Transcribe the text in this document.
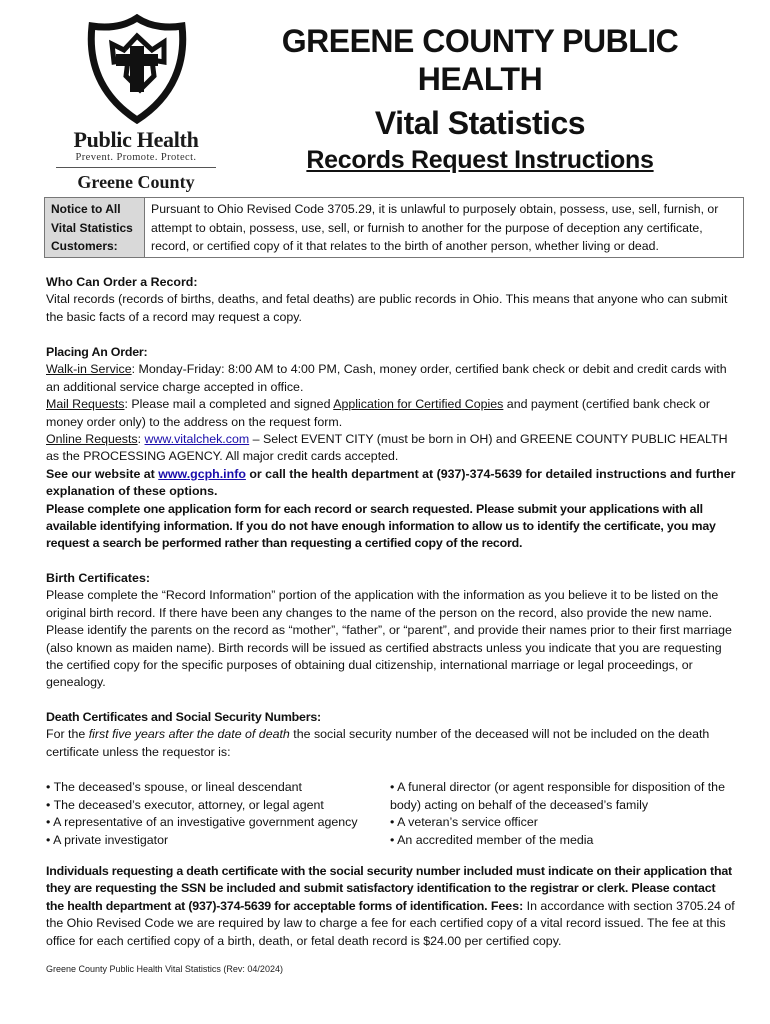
Public Health
Prevent. Promote. Protect.
Greene County
GREENE COUNTY PUBLIC HEALTH
Vital Statistics
Records Request Instructions
Notice to All Vital Statistics Customers:
Pursuant to Ohio Revised Code 3705.29, it is unlawful to purposely obtain, possess, use, sell, furnish, or attempt to obtain, possess, use, sell, or furnish to another for the purpose of deception any certificate, record, or certified copy of it that relates to the birth of another person, whether living or dead.
Who Can Order a Record:
Vital records (records of births, deaths, and fetal deaths) are public records in Ohio. This means that anyone who can submit the basic facts of a record may request a copy.
Placing An Order:
Walk-in Service: Monday-Friday: 8:00 AM to 4:00 PM, Cash, money order, certified bank check or debit and credit cards with an additional service charge accepted in office.
Mail Requests: Please mail a completed and signed Application for Certified Copies and payment (certified bank check or money order only) to the address on the request form.
Online Requests: www.vitalchek.com – Select EVENT CITY (must be born in OH) and GREENE COUNTY PUBLIC HEALTH as the PROCESSING AGENCY. All major credit cards accepted.
See our website at www.gcph.info or call the health department at (937)-374-5639 for detailed instructions and further explanation of these options.
Please complete one application form for each record or search requested. Please submit your applications with all available identifying information. If you do not have enough information to allow us to identify the certificate, you may request a search be performed rather than requesting a certified copy of the record.
Birth Certificates:
Please complete the “Record Information” portion of the application with the information as you believe it to be listed on the original birth record. If there have been any changes to the name of the person on the record, also provide the new name. Please identify the parents on the record as “mother”, “father”, or “parent”, and provide their names prior to their first marriage (also known as maiden name). Birth records will be issued as certified abstracts unless you indicate that you are requesting the certified copy for the specific purposes of obtaining dual citizenship, international marriage or legal proceedings, or genealogy.
Death Certificates and Social Security Numbers:
For the first five years after the date of death the social security number of the deceased will not be included on the death certificate unless the requestor is:
• The deceased’s spouse, or lineal descendant
• The deceased’s executor, attorney, or legal agent
• A representative of an investigative government agency
• A private investigator
• A funeral director (or agent responsible for disposition of the body) acting on behalf of the deceased’s family
• A veteran’s service officer
• An accredited member of the media
Individuals requesting a death certificate with the social security number included must indicate on their application that they are requesting the SSN be included and submit satisfactory identification to the registrar or clerk. Please contact the health department at (937)-374-5639 for acceptable forms of identification. Fees: In accordance with section 3705.24 of the Ohio Revised Code we are required by law to charge a fee for each certified copy of a vital record issued. The fee at this office for each certified copy of a birth, death, or fetal death record is $24.00 per certified copy.
Greene County Public Health Vital Statistics (Rev: 04/2024)
